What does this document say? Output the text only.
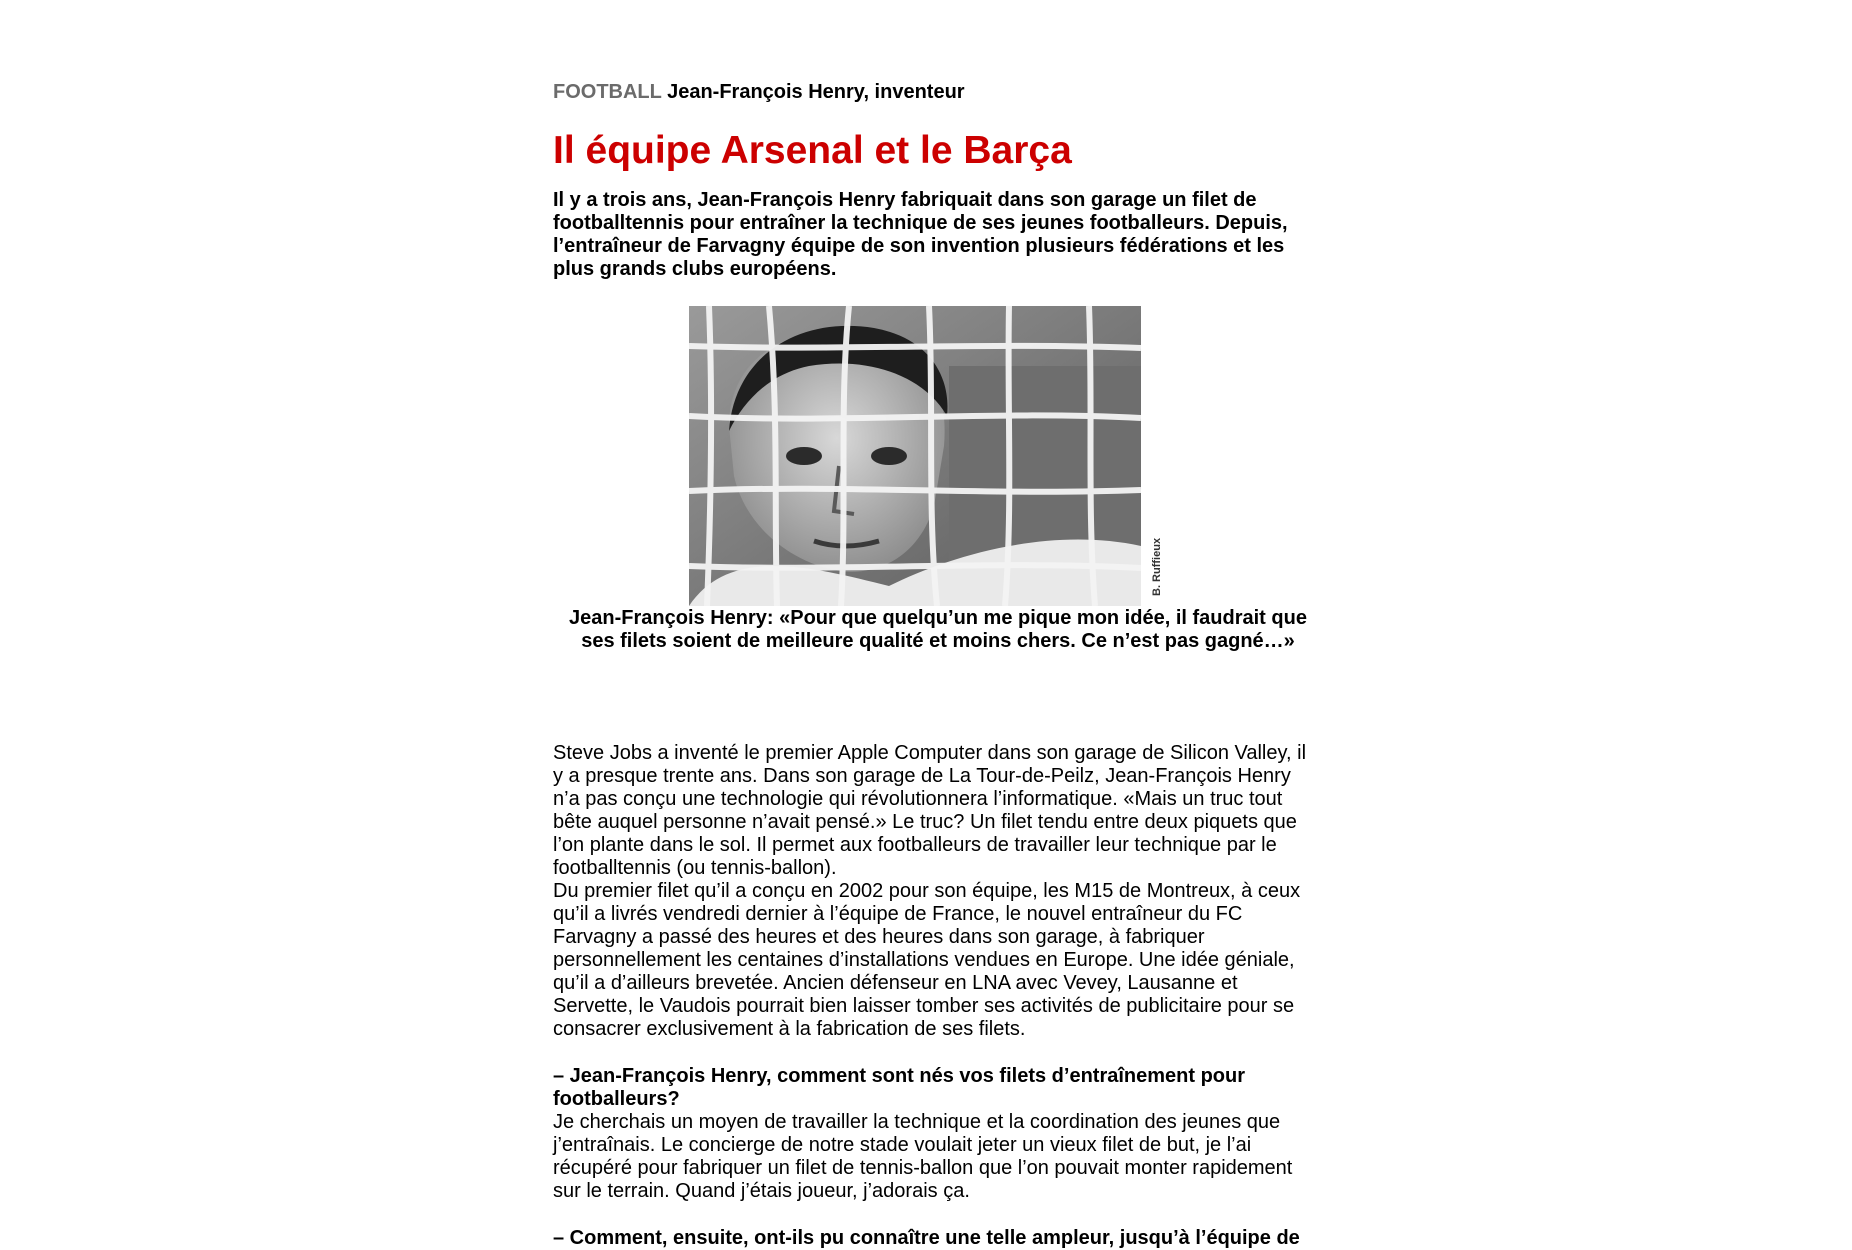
FOOTBALL Jean-François Henry, inventeur
Il équipe Arsenal et le Barça
Il y a trois ans, Jean-François Henry fabriquait dans son garage un filet de footballtennis pour entraîner la technique de ses jeunes footballeurs. Depuis, l’entraîneur de Farvagny équipe de son invention plusieurs fédérations et les plus grands clubs européens.
B. Ruffieux
Jean-François Henry: «Pour que quelqu’un me pique mon idée, il faudrait que ses filets soient de meilleure qualité et moins chers. Ce n’est pas gagné…»

Steve Jobs a inventé le premier Apple Computer dans son garage de Silicon Valley, il y a presque trente ans. Dans son garage de La Tour-de-Peilz, Jean-François Henry n’a pas conçu une technologie qui révolutionnera l’informatique. «Mais un truc tout bête auquel personne n’avait pensé.» Le truc? Un filet tendu entre deux piquets que l’on plante dans le sol. Il permet aux footballeurs de travailler leur technique par le footballtennis (ou tennis-ballon).

Du premier filet qu’il a conçu en 2002 pour son équipe, les M15 de Montreux, à ceux qu’il a livrés vendredi dernier à l’équipe de France, le nouvel entraîneur du FC Farvagny a passé des heures et des heures dans son garage, à fabriquer personnellement les centaines d’installations vendues en Europe. Une idée géniale, qu’il a d’ailleurs brevetée. Ancien défenseur en LNA avec Vevey, Lausanne et Servette, le Vaudois pourrait bien laisser tomber ses activités de publicitaire pour se consacrer exclusivement à la fabrication de ses filets.

– Jean-François Henry, comment sont nés vos filets d’entraînement pour footballeurs?

Je cherchais un moyen de travailler la technique et la coordination des jeunes que j’entraînais. Le concierge de notre stade voulait jeter un vieux filet de but, je l’ai récupéré pour fabriquer un filet de tennis-ballon que l’on pouvait monter rapidement sur le terrain. Quand j’étais joueur, j’adorais ça.

– Comment, ensuite, ont-ils pu connaître une telle ampleur, jusqu’à l’équipe de
